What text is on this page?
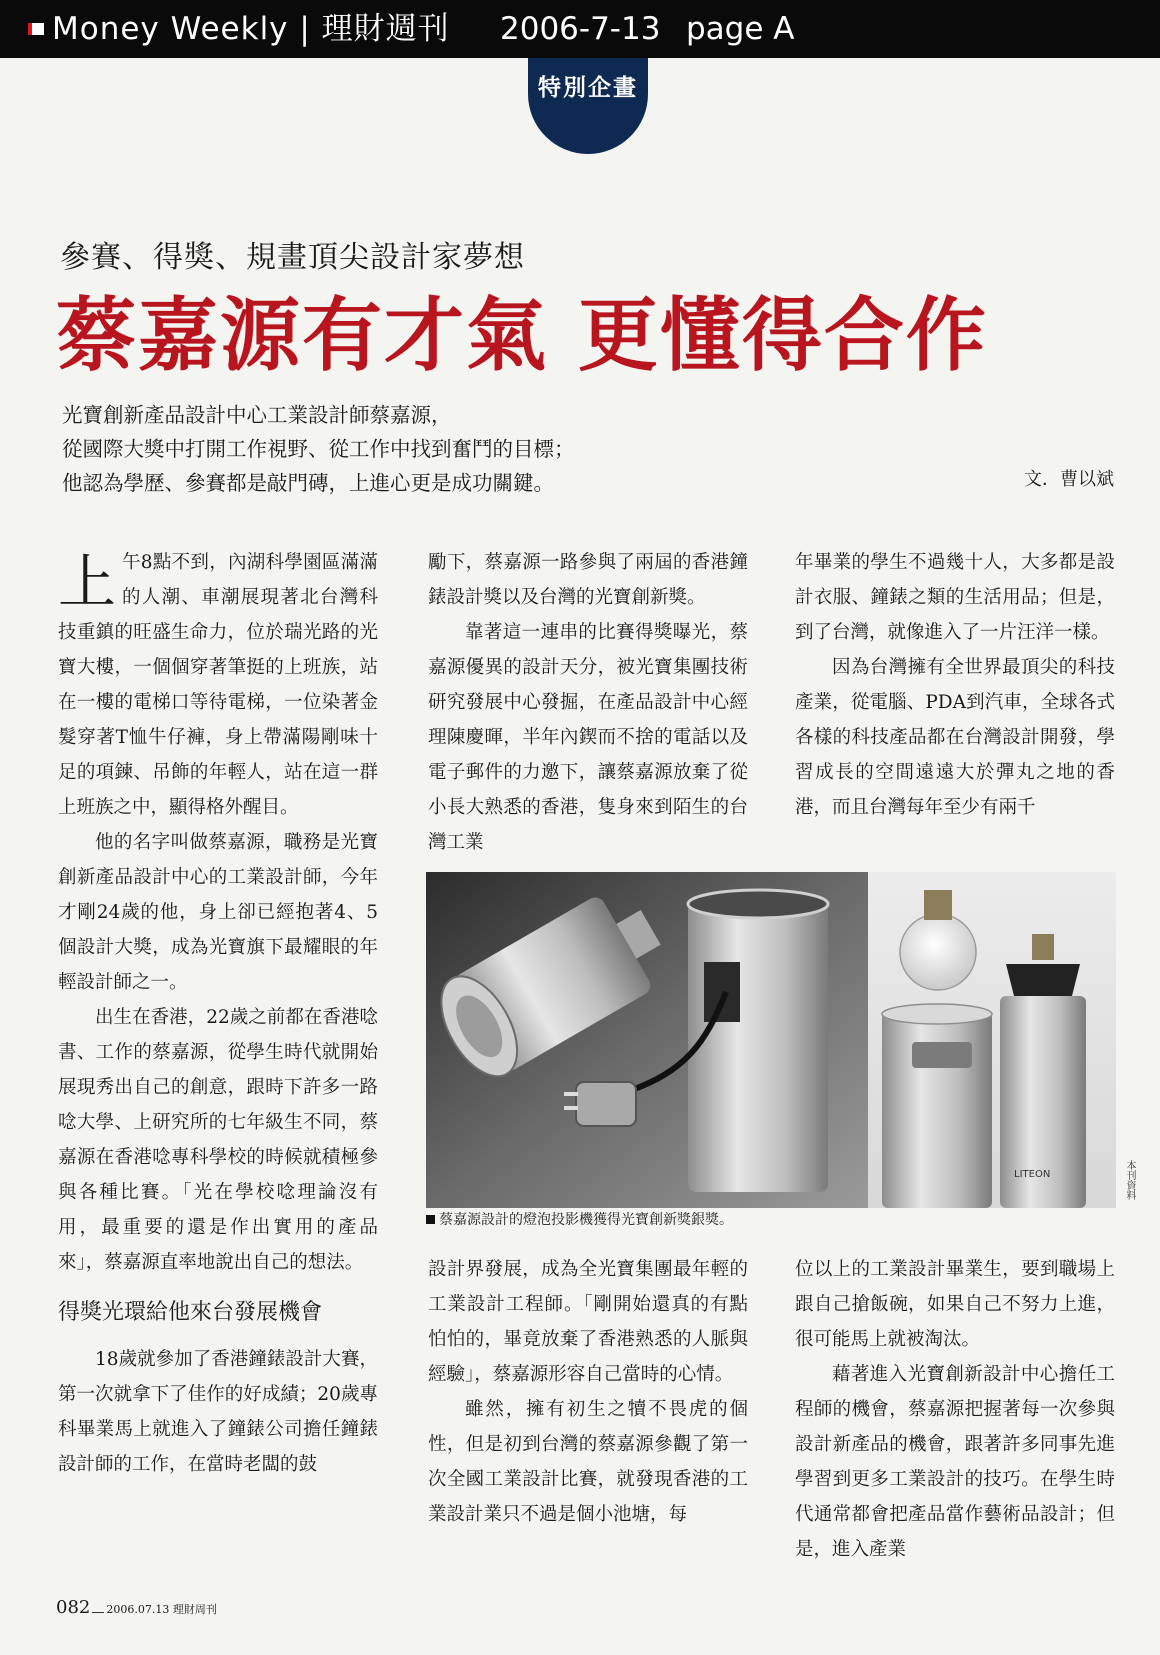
Money Weekly | 理財週刊 2006-7-13 page A
特別企畫
參賽、得獎、規畫頂尖設計家夢想
蔡嘉源有才氣 更懂得合作
光寶創新產品設計中心工業設計師蔡嘉源，
從國際大獎中打開工作視野、從工作中找到奮鬥的目標；
他認為學歷、參賽都是敲門磚，上進心更是成功關鍵。	文．曹以斌

上午8點不到，內湖科學園區滿滿的人潮、車潮展現著北台灣科技重鎮的旺盛生命力，位於瑞光路的光寶大樓，一個個穿著筆挺的上班族，站在一樓的電梯口等待電梯，一位染著金髮穿著T恤牛仔褲，身上帶滿陽剛味十足的項鍊、吊飾的年輕人，站在這一群上班族之中，顯得格外醒目。

他的名字叫做蔡嘉源，職務是光寶創新產品設計中心的工業設計師，今年才剛24歲的他，身上卻已經抱著4、5個設計大獎，成為光寶旗下最耀眼的年輕設計師之一。

出生在香港，22歲之前都在香港唸書、工作的蔡嘉源，從學生時代就開始展現秀出自己的創意，跟時下許多一路唸大學、上研究所的七年級生不同，蔡嘉源在香港唸專科學校的時候就積極參與各種比賽。「光在學校唸理論沒有用，最重要的還是作出實用的產品來」，蔡嘉源直率地說出自己的想法。

得獎光環給他來台發展機會

18歲就參加了香港鐘錶設計大賽，第一次就拿下了佳作的好成績；20歲專科畢業馬上就進入了鐘錶公司擔任鐘錶設計師的工作，在當時老闆的鼓

勵下，蔡嘉源一路參與了兩屆的香港鐘錶設計獎以及台灣的光寶創新獎。

靠著這一連串的比賽得獎曝光，蔡嘉源優異的設計天分，被光寶集團技術研究發展中心發掘，在產品設計中心經理陳慶暉，半年內鍥而不捨的電話以及電子郵件的力邀下，讓蔡嘉源放棄了從小長大熟悉的香港，隻身來到陌生的台灣工業

年畢業的學生不過幾十人，大多都是設計衣服、鐘錶之類的生活用品；但是，到了台灣，就像進入了一片汪洋一樣。

因為台灣擁有全世界最頂尖的科技產業，從電腦、PDA到汽車，全球各式各樣的科技產品都在台灣設計開發，學習成長的空間遠遠大於彈丸之地的香港，而且台灣每年至少有兩千

LITEON	本刊資料
蔡嘉源設計的燈泡投影機獲得光寶創新獎銀獎。

設計界發展，成為全光寶集團最年輕的工業設計工程師。「剛開始還真的有點怕怕的，畢竟放棄了香港熟悉的人脈與經驗」，蔡嘉源形容自己當時的心情。

雖然，擁有初生之犢不畏虎的個性，但是初到台灣的蔡嘉源參觀了第一次全國工業設計比賽，就發現香港的工業設計業只不過是個小池塘，每

位以上的工業設計畢業生，要到職場上跟自己搶飯碗，如果自己不努力上進，很可能馬上就被淘汰。

藉著進入光寶創新設計中心擔任工程師的機會，蔡嘉源把握著每一次參與設計新產品的機會，跟著許多同事先進學習到更多工業設計的技巧。在學生時代通常都會把產品當作藝術品設計；但是，進入產業

082 2006.07.13 理財周刊
